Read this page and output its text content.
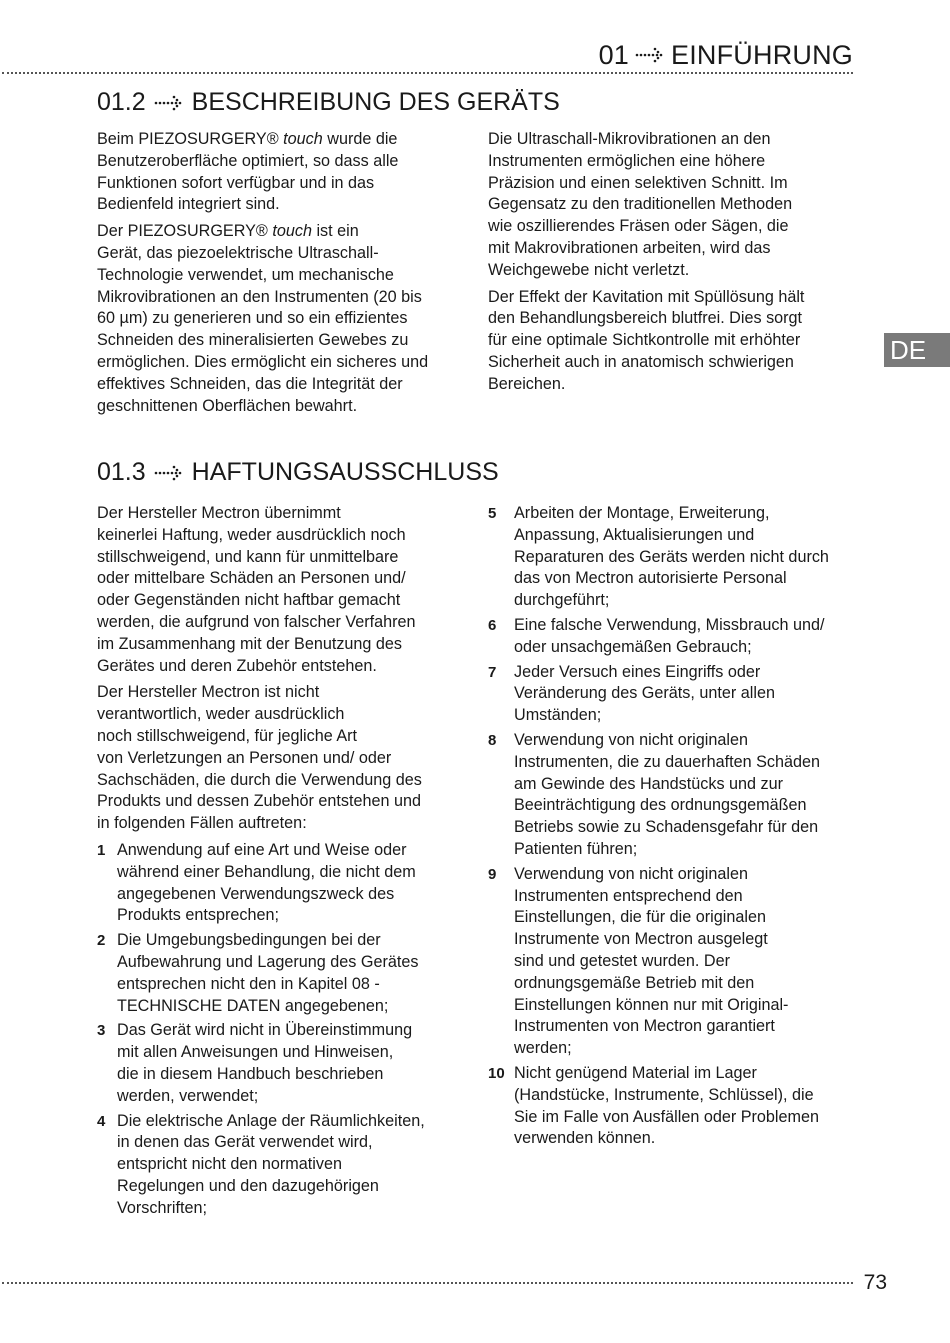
01 EINFÜHRUNG
01.2 BESCHREIBUNG DES GERÄTS

Beim PIEZOSURGERY® touch wurde die
Benutzeroberfläche optimiert, so dass alle
Funktionen sofort verfügbar und in das
Bedienfeld integriert sind.

Der PIEZOSURGERY® touch ist ein
Gerät, das piezoelektrische Ultraschall-
Technologie verwendet, um mechanische
Mikrovibrationen an den Instrumenten (20 bis
60 µm) zu generieren und so ein effizientes
Schneiden des mineralisierten Gewebes zu
ermöglichen. Dies ermöglicht ein sicheres und
effektives Schneiden, das die Integrität der
geschnittenen Oberflächen bewahrt.

Die Ultraschall-Mikrovibrationen an den
Instrumenten ermöglichen eine höhere
Präzision und einen selektiven Schnitt. Im
Gegensatz zu den traditionellen Methoden
wie oszillierendes Fräsen oder Sägen, die
mit Makrovibrationen arbeiten, wird das
Weichgewebe nicht verletzt.

Der Effekt der Kavitation mit Spüllösung hält
den Behandlungsbereich blutfrei. Dies sorgt
für eine optimale Sichtkontrolle mit erhöhter
Sicherheit auch in anatomisch schwierigen
Bereichen.

DE
01.3 HAFTUNGSAUSSCHLUSS

Der Hersteller Mectron übernimmt
keinerlei Haftung, weder ausdrücklich noch
stillschweigend, und kann für unmittelbare
oder mittelbare Schäden an Personen und/
oder Gegenständen nicht haftbar gemacht
werden, die aufgrund von falscher Verfahren
im Zusammenhang mit der Benutzung des
Gerätes und deren Zubehör entstehen.

Der Hersteller Mectron ist nicht
verantwortlich, weder ausdrücklich
noch stillschweigend, für jegliche Art
von Verletzungen an Personen und/ oder
Sachschäden, die durch die Verwendung des
Produkts und dessen Zubehör entstehen und
in folgenden Fällen auftreten:

1 Anwendung auf eine Art und Weise oder
während einer Behandlung, die nicht dem
angegebenen Verwendungszweck des
Produkts entsprechen;
2 Die Umgebungsbedingungen bei der
Aufbewahrung und Lagerung des Gerätes
entsprechen nicht den in Kapitel 08 -
TECHNISCHE DATEN angegebenen;
3 Das Gerät wird nicht in Übereinstimmung
mit allen Anweisungen und Hinweisen,
die in diesem Handbuch beschrieben
werden, verwendet;
4 Die elektrische Anlage der Räumlichkeiten,
in denen das Gerät verwendet wird,
entspricht nicht den normativen
Regelungen und den dazugehörigen
Vorschriften;
5	Arbeiten der Montage, Erweiterung,
Anpassung, Aktualisierungen und
Reparaturen des Geräts werden nicht durch
das von Mectron autorisierte Personal
durchgeführt;
6	Eine falsche Verwendung, Missbrauch und/
oder unsachgemäßen Gebrauch;
7	Jeder Versuch eines Eingriffs oder
Veränderung des Geräts, unter allen
Umständen;
8	Verwendung von nicht originalen
Instrumenten, die zu dauerhaften Schäden
am Gewinde des Handstücks und zur
Beeinträchtigung des ordnungsgemäßen
Betriebs sowie zu Schadensgefahr für den
Patienten führen;
9	Verwendung von nicht originalen
Instrumenten entsprechend den
Einstellungen, die für die originalen
Instrumente von Mectron ausgelegt
sind und getestet wurden. Der
ordnungsgemäße Betrieb mit den
Einstellungen können nur mit Original-
Instrumenten von Mectron garantiert
werden;
10 Nicht genügend Material im Lager
(Handstücke, Instrumente, Schlüssel), die
Sie im Falle von Ausfällen oder Problemen
verwenden können.
73
